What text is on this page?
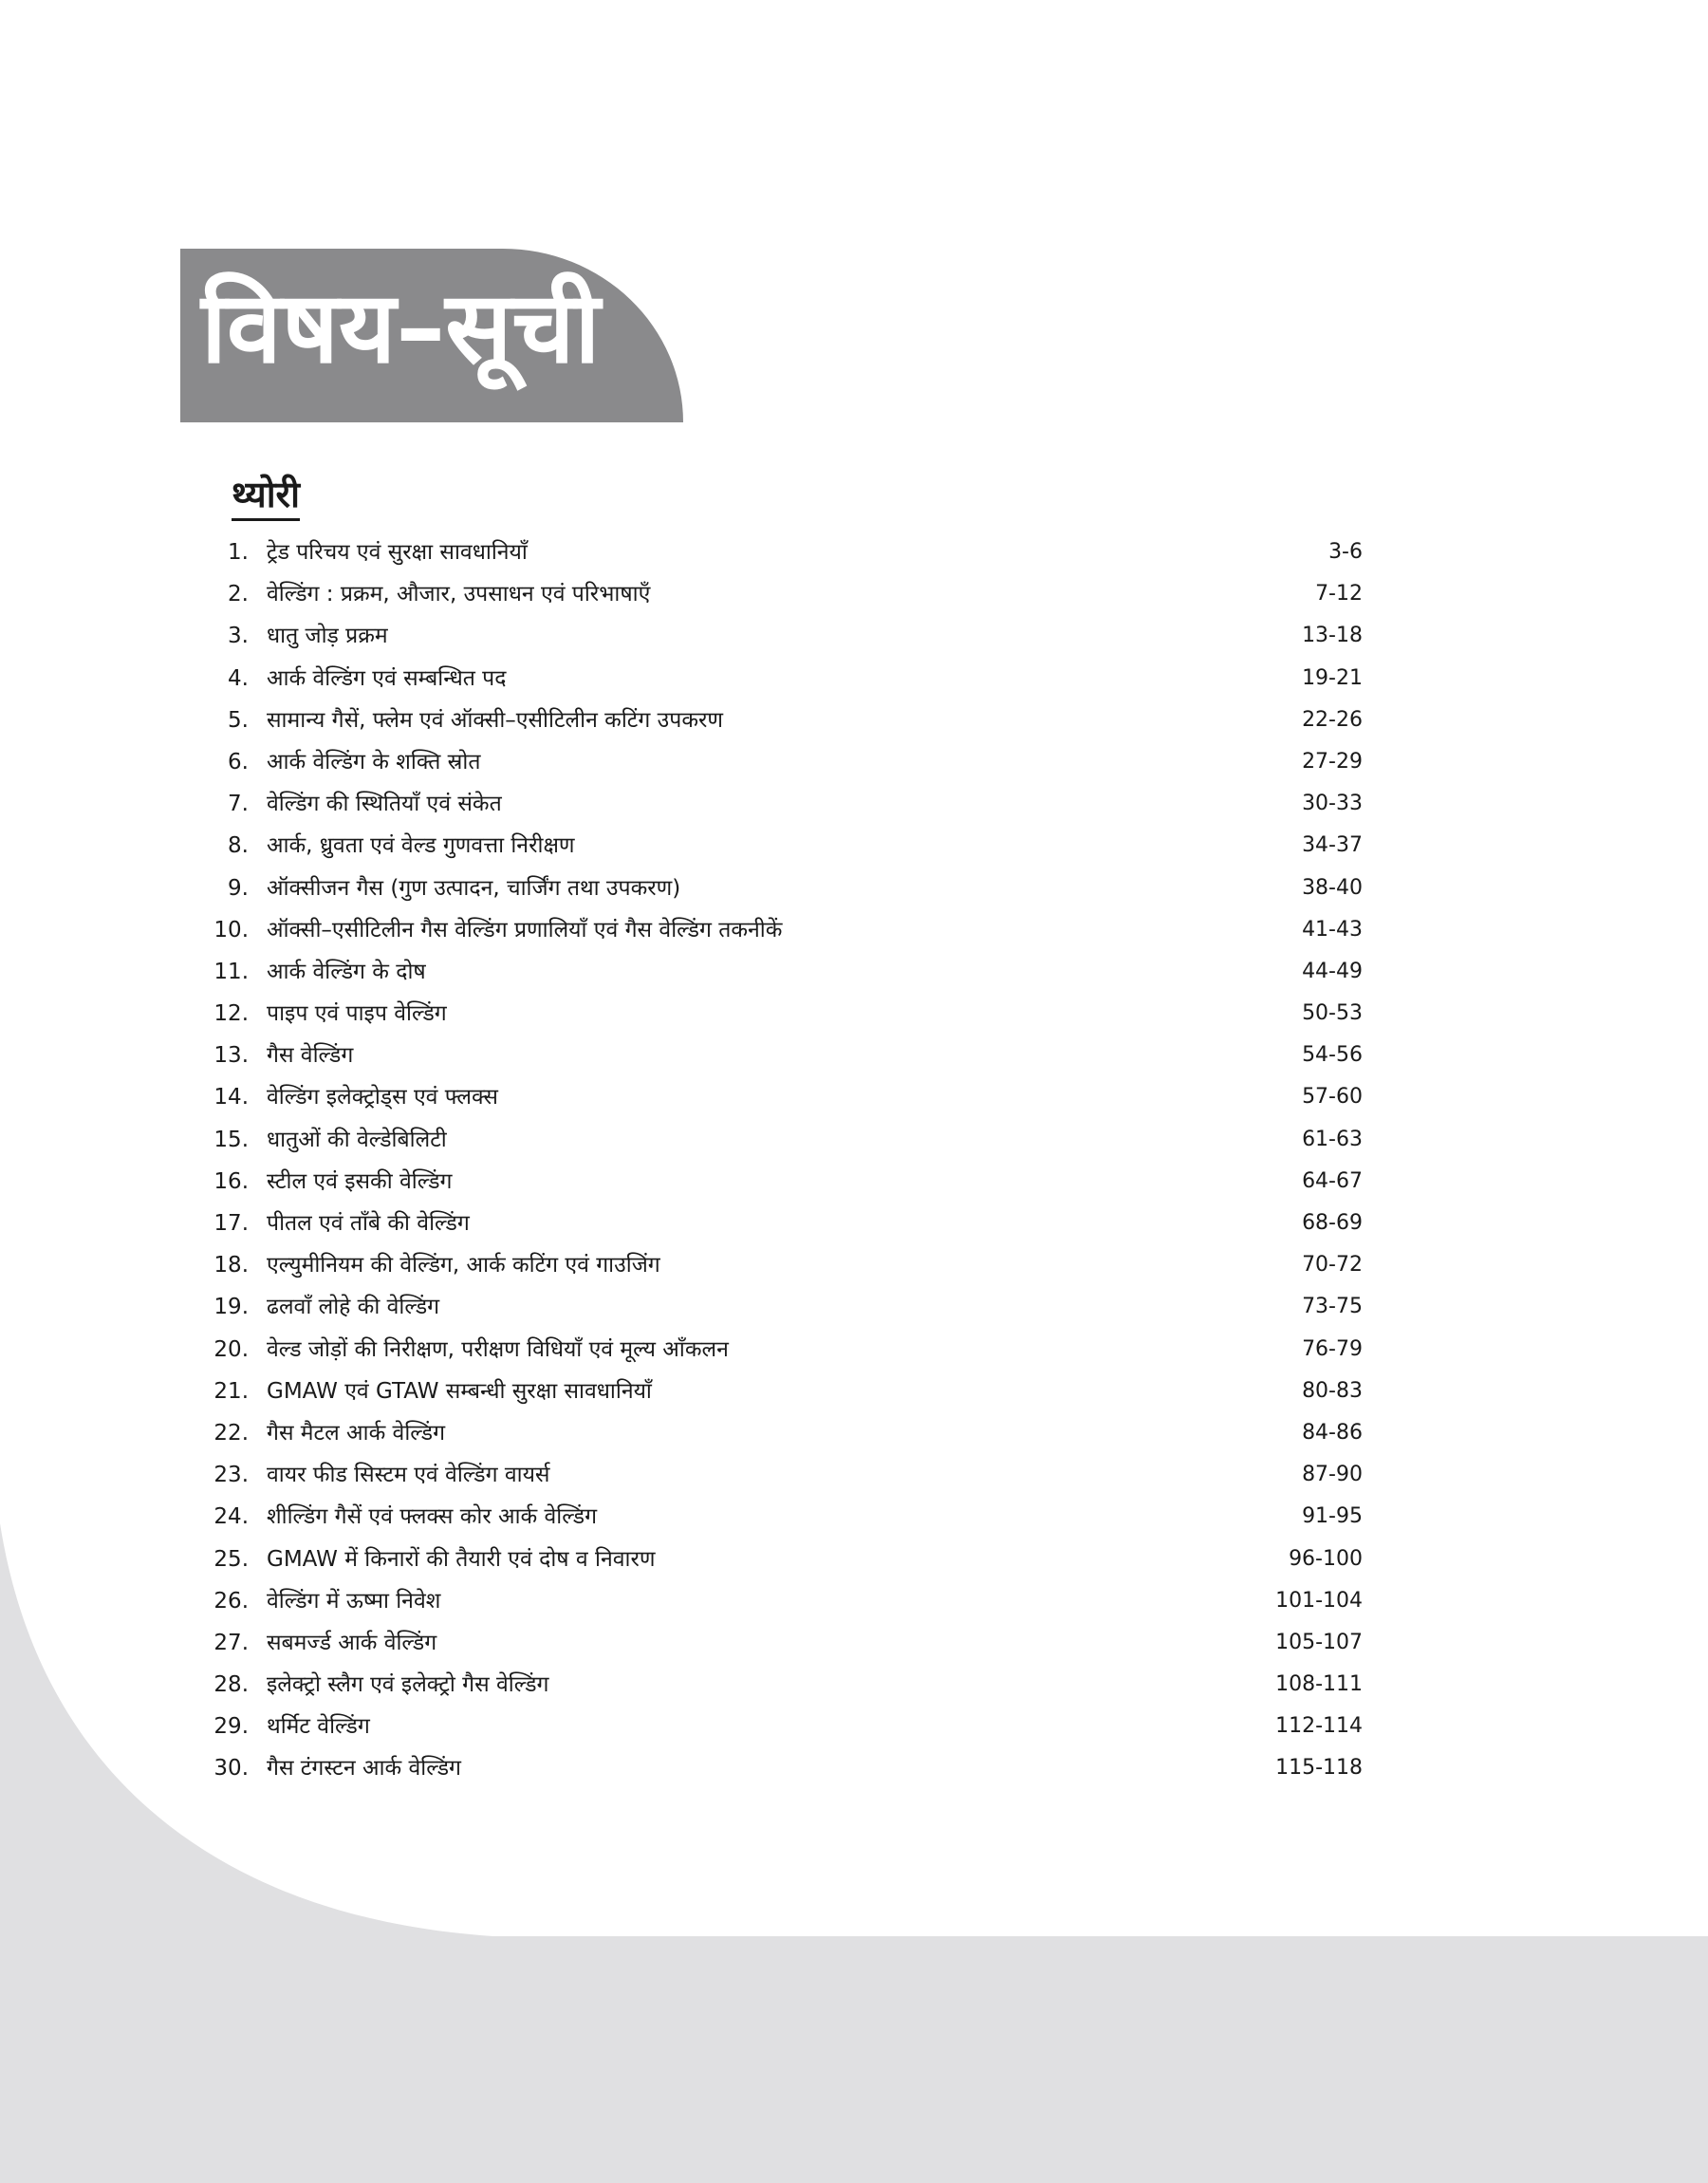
विषय–सूची
थ्योरी
1. ट्रेड परिचय एवं सुरक्षा सावधानियाँ	3-6
2. वेल्डिंग : प्रक्रम, औजार, उपसाधन एवं परिभाषाएँ	7-12
3. धातु जोड़ प्रक्रम	13-18
4. आर्क वेल्डिंग एवं सम्बन्धित पद	19-21
5. सामान्य गैसें, फ्लेम एवं ऑक्सी–एसीटिलीन कटिंग उपकरण	22-26
6. आर्क वेल्डिंग के शक्ति स्रोत	27-29
7. वेल्डिंग की स्थितियाँ एवं संकेत	30-33
8. आर्क, ध्रुवता एवं वेल्ड गुणवत्ता निरीक्षण	34-37
9. ऑक्सीजन गैस (गुण उत्पादन, चार्जिंग तथा उपकरण)	38-40
10. ऑक्सी–एसीटिलीन गैस वेल्डिंग प्रणालियाँ एवं गैस वेल्डिंग तकनीकें	41-43
11. आर्क वेल्डिंग के दोष	44-49
12. पाइप एवं पाइप वेल्डिंग	50-53
13. गैस वेल्डिंग	54-56
14. वेल्डिंग इलेक्ट्रोड्स एवं फ्लक्स	57-60
15. धातुओं की वेल्डेबिलिटी	61-63
16. स्टील एवं इसकी वेल्डिंग	64-67
17. पीतल एवं ताँबे की वेल्डिंग	68-69
18. एल्युमीनियम की वेल्डिंग, आर्क कटिंग एवं गाउजिंग	70-72
19. ढलवाँ लोहे की वेल्डिंग	73-75
20. वेल्ड जोड़ों की निरीक्षण, परीक्षण विधियाँ एवं मूल्य आँकलन	76-79
21. GMAW एवं GTAW सम्बन्धी सुरक्षा सावधानियाँ	80-83
22. गैस मैटल आर्क वेल्डिंग	84-86
23. वायर फीड सिस्टम एवं वेल्डिंग वायर्स	87-90
24. शील्डिंग गैसें एवं फ्लक्स कोर आर्क वेल्डिंग	91-95
25. GMAW में किनारों की तैयारी एवं दोष व निवारण	96-100
26. वेल्डिंग में ऊष्मा निवेश	101-104
27. सबमर्ज्ड आर्क वेल्डिंग	105-107
28. इलेक्ट्रो स्लैग एवं इलेक्ट्रो गैस वेल्डिंग	108-111
29. थर्मिट वेल्डिंग	112-114
30. गैस टंगस्टन आर्क वेल्डिंग	115-118
